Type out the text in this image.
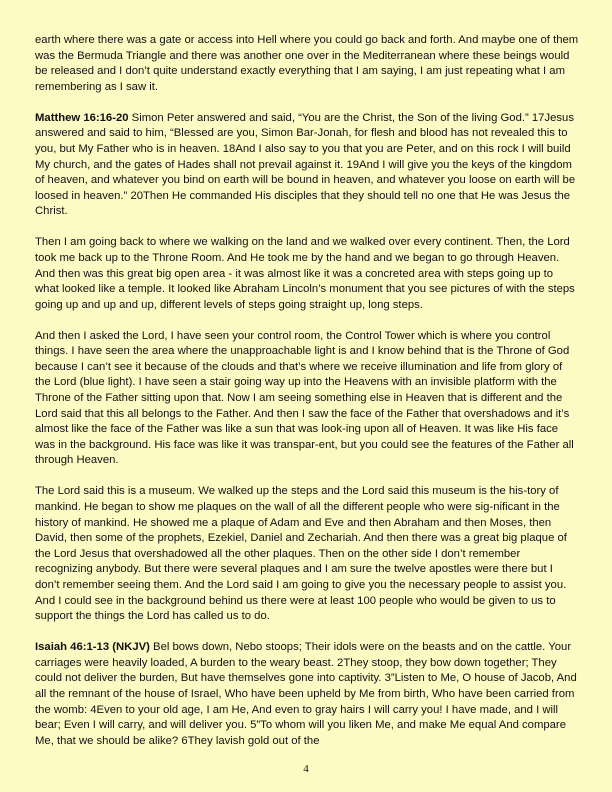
earth where there was a gate or access into Hell where you could go back and forth. And maybe one of them was the Bermuda Triangle and there was another one over in the Mediterranean where these beings would be released and I don’t quite understand exactly everything that I am saying, I am just repeating what I am remembering as I saw it.

Matthew 16:16-20 Simon Peter answered and said, “You are the Christ, the Son of the living God.” 17Jesus answered and said to him, “Blessed are you, Simon Bar-Jonah, for flesh and blood has not revealed this to you, but My Father who is in heaven. 18And I also say to you that you are Peter, and on this rock I will build My church, and the gates of Hades shall not prevail against it. 19And I will give you the keys of the kingdom of heaven, and whatever you bind on earth will be bound in heaven, and whatever you loose on earth will be loosed in heaven.” 20Then He commanded His disciples that they should tell no one that He was Jesus the Christ.

Then I am going back to where we walking on the land and we walked over every continent. Then, the Lord took me back up to the Throne Room. And He took me by the hand and we began to go through Heaven. And then was this great big open area - it was almost like it was a concreted area with steps going up to what looked like a temple. It looked like Abraham Lincoln’s monument that you see pictures of with the steps going up and up and up, different levels of steps going straight up, long steps.

And then I asked the Lord, I have seen your control room, the Control Tower which is where you control things. I have seen the area where the unapproachable light is and I know behind that is the Throne of God because I can’t see it because of the clouds and that’s where we receive illumination and life from glory of the Lord (blue light). I have seen a stair going way up into the Heavens with an invisible platform with the Throne of the Father sitting upon that. Now I am seeing something else in Heaven that is different and the Lord said that this all belongs to the Father. And then I saw the face of the Father that overshadows and it’s almost like the face of the Father was like a sun that was look-ing upon all of Heaven. It was like His face was in the background. His face was like it was transpar-ent, but you could see the features of the Father all through Heaven.

The Lord said this is a museum. We walked up the steps and the Lord said this museum is the his-tory of mankind. He began to show me plaques on the wall of all the different people who were sig-nificant in the history of mankind. He showed me a plaque of Adam and Eve and then Abraham and then Moses, then David, then some of the prophets, Ezekiel, Daniel and Zechariah. And then there was a great big plaque of the Lord Jesus that overshadowed all the other plaques. Then on the other side I don’t remember recognizing anybody. But there were several plaques and I am sure the twelve apostles were there but I don’t remember seeing them. And the Lord said I am going to give you the necessary people to assist you. And I could see in the background behind us there were at least 100 people who would be given to us to support the things the Lord has called us to do.

Isaiah 46:1-13 (NKJV) Bel bows down, Nebo stoops; Their idols were on the beasts and on the cattle. Your carriages were heavily loaded, A burden to the weary beast. 2They stoop, they bow down together; They could not deliver the burden, But have themselves gone into captivity. 3”Listen to Me, O house of Jacob, And all the remnant of the house of Israel, Who have been upheld by Me from birth, Who have been carried from the womb: 4Even to your old age, I am He, And even to gray hairs I will carry you! I have made, and I will bear; Even I will carry, and will deliver you. 5”To whom will you liken Me, and make Me equal And compare Me, that we should be alike? 6They lavish gold out of the

4
